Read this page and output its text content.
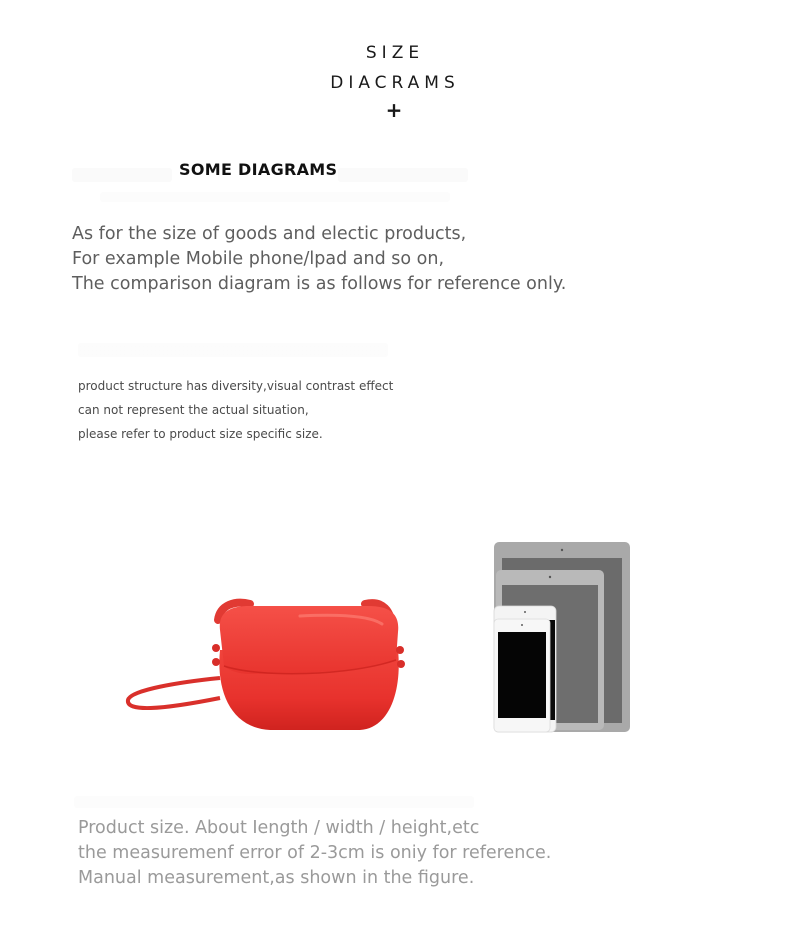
SIZE
DIACRAMS
+
SOME DIAGRAMS
As for the size of goods and electic products,
For example Mobile phone/lpad and so on,
The comparison diagram is as follows for reference only.
product structure has diversity,visual contrast effect
can not represent the actual situation,
please refer to product size specific size.
Product size. About Iength / width / height,etc
the measuremenf error of 2-3cm is oniy for reference.
Manual measurement,as shown in the figure.
